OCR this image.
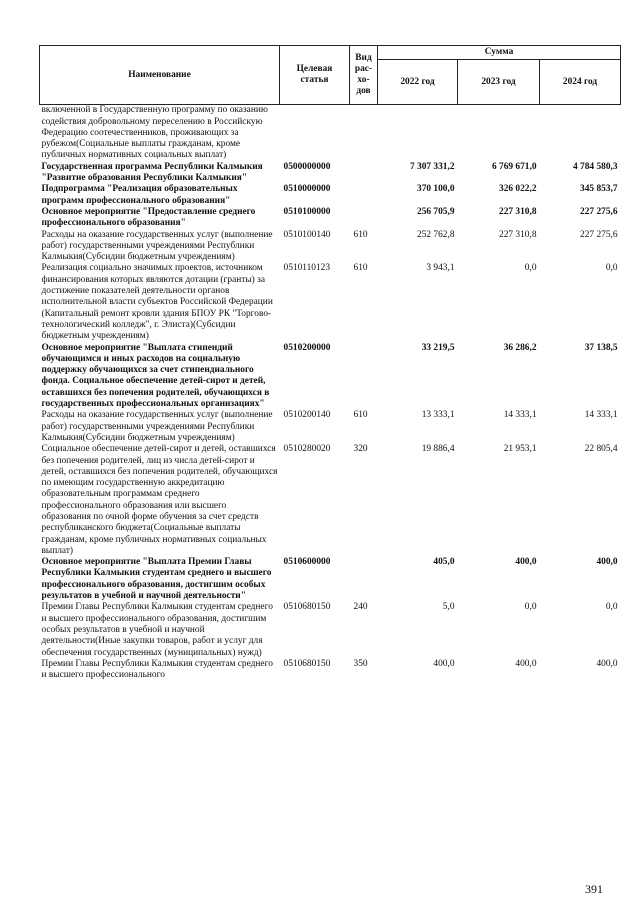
Наименование	Целевая статья	Вид рас-хо-дов	Сумма		
			2022 год	2023 год	2024 год
включенной в Государственную программу по оказанию содействия добровольному переселению в Российскую Федерацию соотечественников, проживающих за рубежом(Социальные выплаты гражданам, кроме публичных нормативных социальных выплат)					
Государственная программа Республики Калмыкия "Развитие образования Республики Калмыкия"	0500000000		7 307 331,2	6 769 671,0	4 784 580,3
Подпрограмма "Реализация образовательных программ профессионального образования"	0510000000		370 100,0	326 022,2	345 853,7
Основное мероприятие "Предоставление среднего профессионального образования"	0510100000		256 705,9	227 310,8	227 275,6
Расходы на оказание государственных услуг (выполнение работ) государственными учреждениями Республики Калмыкия(Субсидии бюджетным учреждениям)	0510100140	610	252 762,8	227 310,8	227 275,6
Реализация социально значимых проектов, источником финансирования которых являются дотации (гранты) за достижение показателей деятельности органов исполнительной власти субъектов Российской Федерации (Капитальный ремонт кровли здания БПОУ РК "Торгово-технологический колледж", г. Элиста)(Субсидии бюджетным учреждениям)	0510110123	610	3 943,1	0,0	0,0
Основное мероприятие "Выплата стипендий обучающимся и иных расходов на социальную поддержку обучающихся за счет стипендиального фонда. Социальное обеспечение детей-сирот и детей, оставшихся без попечения родителей, обучающихся в государственных профессиональных организациях"	0510200000		33 219,5	36 286,2	37 138,5
Расходы на оказание государственных услуг (выполнение работ) государственными учреждениями Республики Калмыкия(Субсидии бюджетным учреждениям)	0510200140	610	13 333,1	14 333,1	14 333,1
Социальное обеспечение детей-сирот и детей, оставшихся без попечения родителей, лиц из числа детей-сирот и детей, оставшихся без попечения родителей, обучающихся по имеющим государственную аккредитацию образовательным программам среднего профессионального образования или высшего образования по очной форме обучения за счет средств республиканского бюджета(Социальные выплаты гражданам, кроме публичных нормативных социальных выплат)	0510280020	320	19 886,4	21 953,1	22 805,4
Основное мероприятие "Выплата Премии Главы Республики Калмыкия студентам среднего и высшего профессионального образования, достигшим особых результатов в учебной и научной деятельности"	0510600000		405,0	400,0	400,0
Премии Главы Республики Калмыкия студентам среднего и высшего профессионального образования, достигшим особых результатов в учебной и научной деятельности(Иные закупки товаров, работ и услуг для обеспечения государственных (муниципальных) нужд)	0510680150	240	5,0	0,0	0,0
Премии Главы Республики Калмыкия студентам среднего и высшего профессионального	0510680150	350	400,0	400,0	400,0
391
